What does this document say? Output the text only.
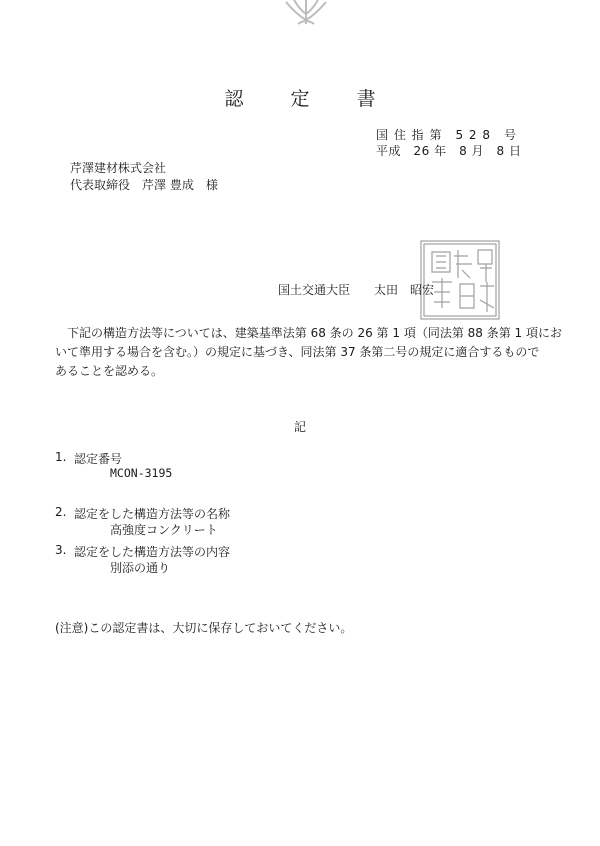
認　定　書
国 住 指 第　5 2 8　号
平成　26 年　8 月　8 日
芹澤建材株式会社
代表取締役　芹澤 豊成　様
国土交通大臣　　太田　昭宏
　下記の構造方法等については、建築基準法第 68 条の 26 第 1 項（同法第 88 条第 1 項にお
いて準用する場合を含む。）の規定に基づき、同法第 37 条第二号の規定に適合するもので
あることを認める。
記
1. 認定番号
MCON-3195
2. 認定をした構造方法等の名称
高強度コンクリート
3. 認定をした構造方法等の内容
別添の通り
(注意)この認定書は、大切に保存しておいてください。
